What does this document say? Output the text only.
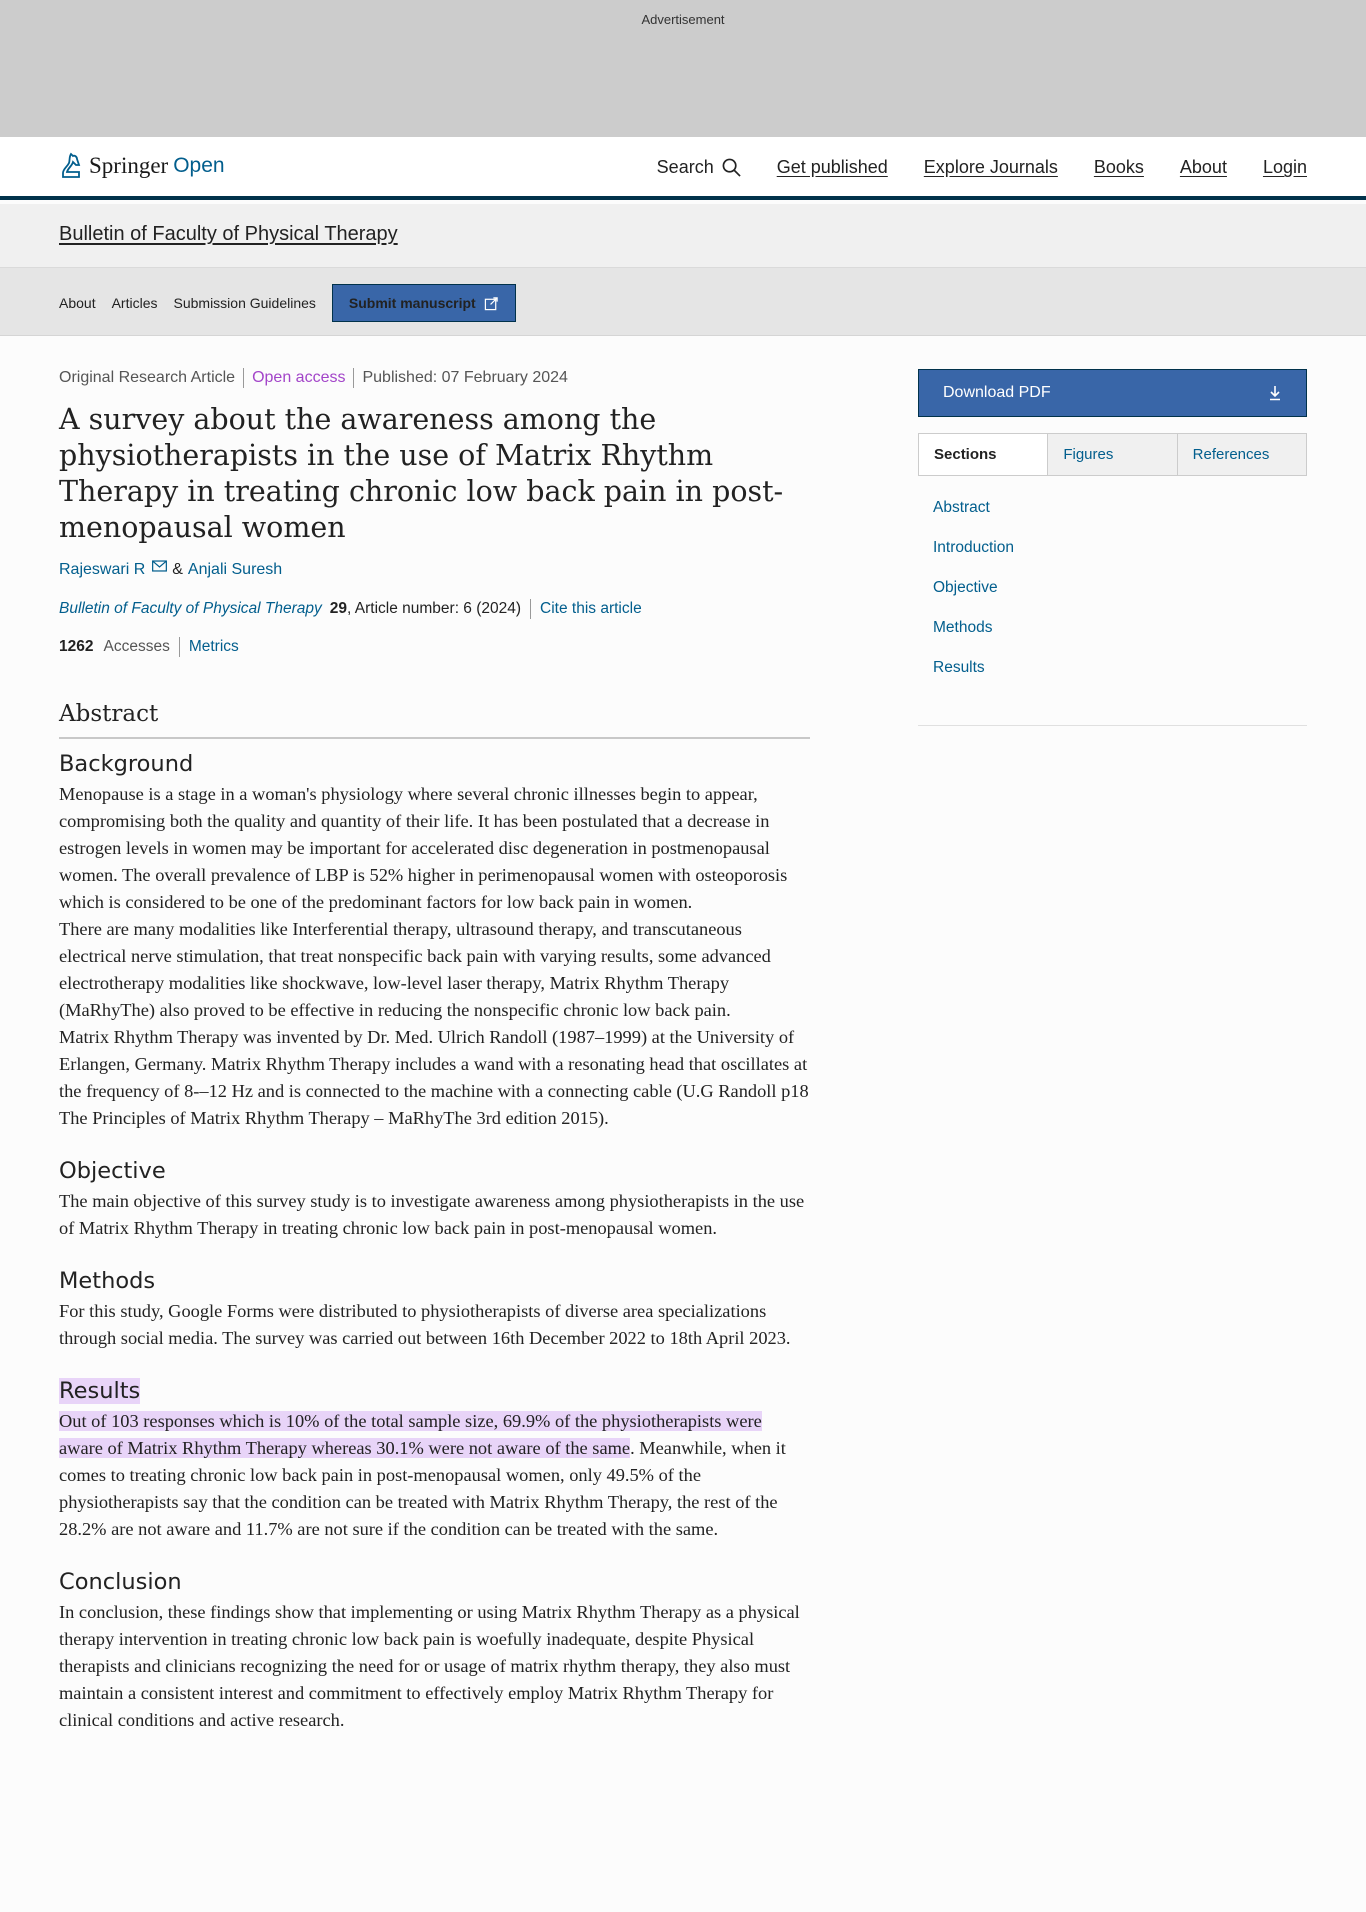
Advertisement
Springer Open	Search	Get published Explore Journals Books About Login
Bulletin of Faculty of Physical Therapy
About Articles Submission Guidelines Submit manuscript
Original Research Article Open access Published: 07 February 2024
A survey about the awareness among the physiotherapists in the use of Matrix Rhythm Therapy in treating chronic low back pain in post-menopausal women
Rajeswari R & Anjali Suresh
Bulletin of Faculty of Physical Therapy 29 , Article number: 6 (2024) Cite this article
1262 Accesses Metrics
Abstract
Background

Menopause is a stage in a woman's physiology where several chronic illnesses begin to appear, compromising both the quality and quantity of their life. It has been postulated that a decrease in estrogen levels in women may be important for accelerated disc degeneration in postmenopausal women. The overall prevalence of LBP is 52% higher in perimenopausal women with osteoporosis which is considered to be one of the predominant factors for low back pain in women.

There are many modalities like Interferential therapy, ultrasound therapy, and transcutaneous electrical nerve stimulation, that treat nonspecific back pain with varying results, some advanced electrotherapy modalities like shockwave, low-level laser therapy, Matrix Rhythm Therapy (MaRhyThe) also proved to be effective in reducing the nonspecific chronic low back pain.

Matrix Rhythm Therapy was invented by Dr. Med. Ulrich Randoll (1987–1999) at the University of Erlangen, Germany. Matrix Rhythm Therapy includes a wand with a resonating head that oscillates at the frequency of 8-–12 Hz and is connected to the machine with a connecting cable (U.G Randoll p18 The Principles of Matrix Rhythm Therapy – MaRhyThe 3rd edition 2015).

Objective

The main objective of this survey study is to investigate awareness among physiotherapists in the use of Matrix Rhythm Therapy in treating chronic low back pain in post-menopausal women.

Methods

For this study, Google Forms were distributed to physiotherapists of diverse area specializations through social media. The survey was carried out between 16th December 2022 to 18th April 2023.

Results

Out of 103 responses which is 10% of the total sample size, 69.9% of the physiotherapists were aware of Matrix Rhythm Therapy whereas 30.1% were not aware of the same. Meanwhile, when it comes to treating chronic low back pain in post-menopausal women, only 49.5% of the physiotherapists say that the condition can be treated with Matrix Rhythm Therapy, the rest of the 28.2% are not aware and 11.7% are not sure if the condition can be treated with the same.

Conclusion

In conclusion, these findings show that implementing or using Matrix Rhythm Therapy as a physical therapy intervention in treating chronic low back pain is woefully inadequate, despite Physical therapists and clinicians recognizing the need for or usage of matrix rhythm therapy, they also must maintain a consistent interest and commitment to effectively employ Matrix Rhythm Therapy for clinical conditions and active research.

Download PDF
Sections	Figures	References
Abstract
Introduction
Objective
Methods
Results
